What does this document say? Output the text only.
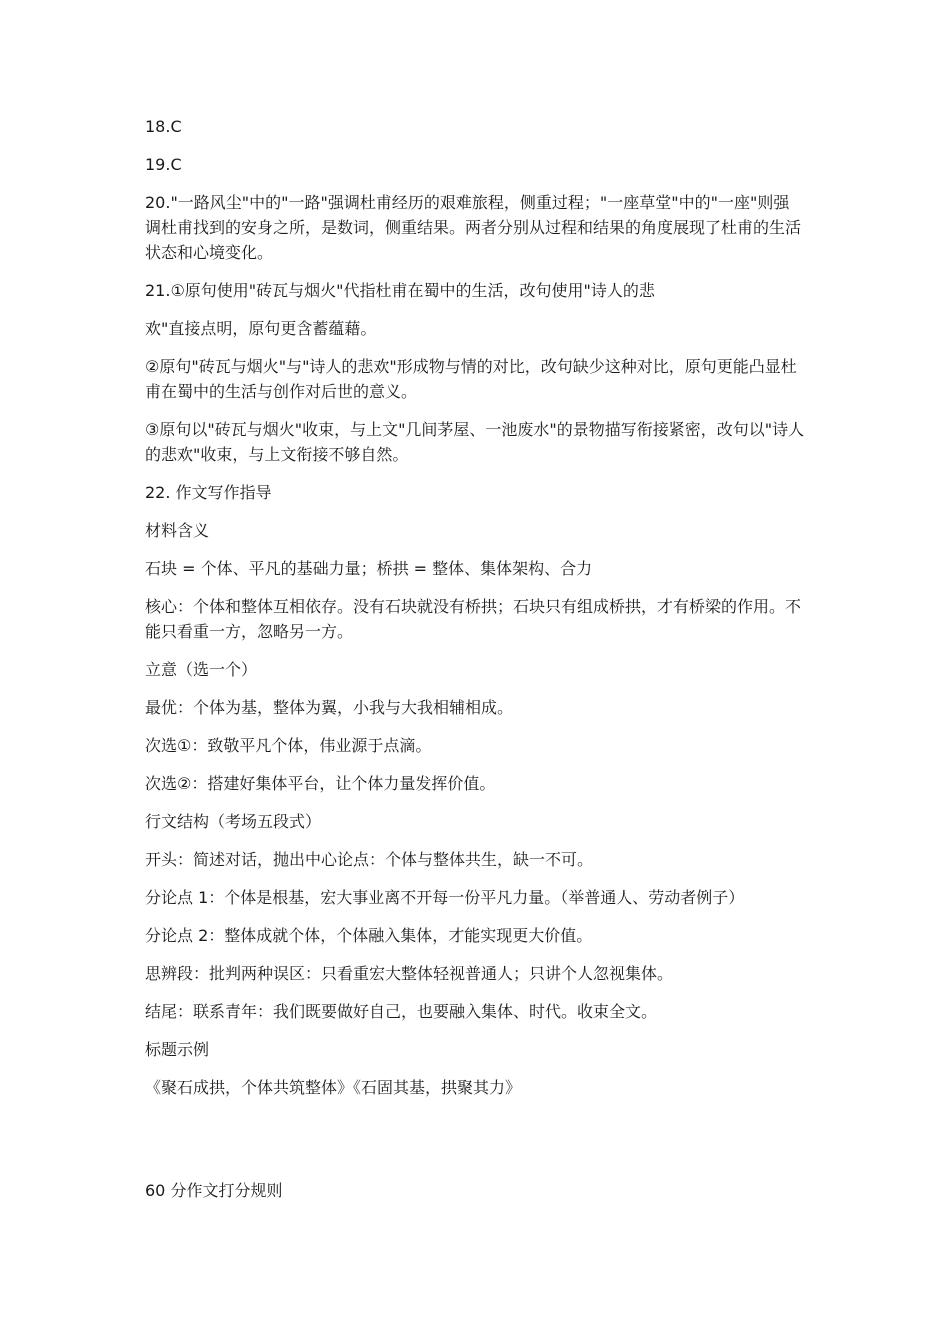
18.C

19.C

20."一路风尘"中的"一路"强调杜甫经历的艰难旅程，侧重过程；"一座草堂"中的"一座"则强调杜甫找到的安身之所，是数词，侧重结果。两者分别从过程和结果的角度展现了杜甫的生活状态和心境变化。

21.①原句使用"砖瓦与烟火"代指杜甫在蜀中的生活，改句使用"诗人的悲

欢"直接点明，原句更含蓄蕴藉。

②原句"砖瓦与烟火"与"诗人的悲欢"形成物与情的对比，改句缺少这种对比，原句更能凸显杜甫在蜀中的生活与创作对后世的意义。

③原句以"砖瓦与烟火"收束，与上文"几间茅屋、一池废水"的景物描写衔接紧密，改句以"诗人的悲欢"收束，与上文衔接不够自然。

22. 作文写作指导

材料含义

石块 = 个体、平凡的基础力量；桥拱 = 整体、集体架构、合力

核心：个体和整体互相依存。没有石块就没有桥拱；石块只有组成桥拱，才有桥梁的作用。不能只看重一方，忽略另一方。

立意（选一个）

最优：个体为基，整体为翼，小我与大我相辅相成。

次选①：致敬平凡个体，伟业源于点滴。

次选②：搭建好集体平台，让个体力量发挥价值。

行文结构（考场五段式）

开头：简述对话，抛出中心论点：个体与整体共生，缺一不可。

分论点 1：个体是根基，宏大事业离不开每一份平凡力量。（举普通人、劳动者例子）

分论点 2：整体成就个体，个体融入集体，才能实现更大价值。

思辨段：批判两种误区：只看重宏大整体轻视普通人；只讲个人忽视集体。

结尾：联系青年：我们既要做好自己，也要融入集体、时代。收束全文。

标题示例

《聚石成拱，个体共筑整体》《石固其基，拱聚其力》

60 分作文打分规则
